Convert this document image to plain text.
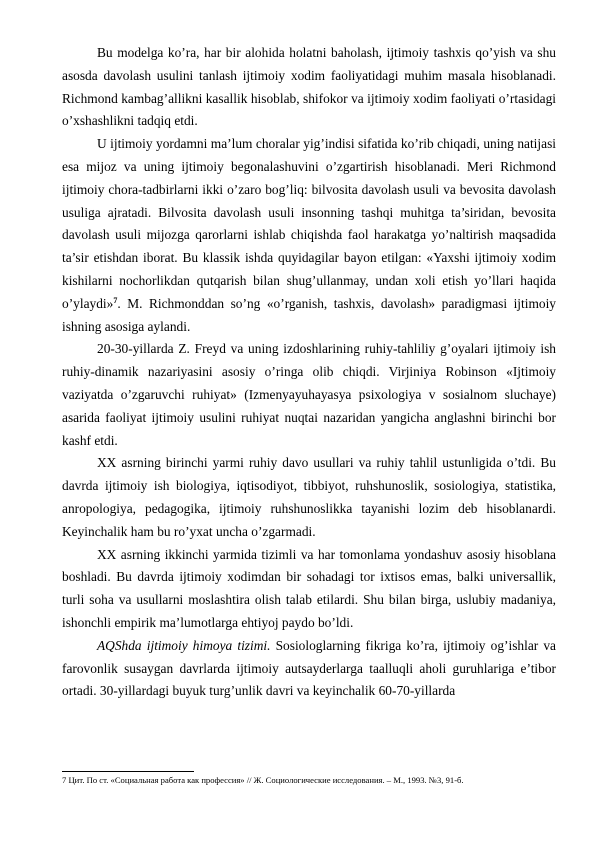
Bu modelga ko’ra, har bir alohida holatni baholash, ijtimoiy tashxis qo’yish va shu asosda davolash usulini tanlash ijtimoiy xodim faoliyatidagi muhim masala hisoblanadi. Richmond kambag’allikni kasallik hisoblab, shifokor va ijtimoiy xodim faoliyati o’rtasidagi o’xshashlikni tadqiq etdi.

U ijtimoiy yordamni ma’lum choralar yig’indisi sifatida ko’rib chiqadi, uning natijasi esa mijoz va uning ijtimoiy begonalashuvini o’zgartirish hisoblanadi. Meri Richmond ijtimoiy chora-tadbirlarni ikki o’zaro bog’liq: bilvosita davolash usuli va bevosita davolash usuliga ajratadi. Bilvosita davolash usuli insonning tashqi muhitga ta’siridan, bevosita davolash usuli mijozga qarorlarni ishlab chiqishda faol harakatga yo’naltirish maqsadida ta’sir etishdan iborat. Bu klassik ishda quyidagilar bayon etilgan: «Yaxshi ijtimoiy xodim kishilarni nochorlikdan qutqarish bilan shug’ullanmay, undan xoli etish yo’llari haqida o’ylaydi»$^7$. M. Richmonddan so’ng «o’rganish, tashxis, davolash» paradigmasi ijtimoiy ishning asosiga aylandi.

20-30-yillarda Z. Freyd va uning izdoshlarining ruhiy-tahliliy g’oyalari ijtimoiy ish ruhiy-dinamik nazariyasini asosiy o’ringa olib chiqdi. Virjiniya Robinson «Ijtimoiy vaziyatda o’zgaruvchi ruhiyat» (Izmenyayuhayasya psixologiya v sosialnom sluchaye) asarida faoliyat ijtimoiy usulini ruhiyat nuqtai nazaridan yangicha anglashni birinchi bor kashf etdi.

XX asrning birinchi yarmi ruhiy davo usullari va ruhiy tahlil ustunligida o’tdi. Bu davrda ijtimoiy ish biologiya, iqtisodiyot, tibbiyot, ruhshunoslik, sosiologiya, statistika, anropologiya, pedagogika, ijtimoiy ruhshunoslikka tayanishi lozim deb hisoblanardi. Keyinchalik ham bu ro’yxat uncha o’zgarmadi.

XX asrning ikkinchi yarmida tizimli va har tomonlama yondashuv asosiy hisoblana boshladi. Bu davrda ijtimoiy xodimdan bir sohadagi tor ixtisos emas, balki universallik, turli soha va usullarni moslashtira olish talab etilardi. Shu bilan birga, uslubiy madaniya, ishonchli empirik ma’lumotlarga ehtiyoj paydo bo’ldi.

AQShda ijtimoiy himoya tizimi. Sosiologlarning fikriga ko’ra, ijtimoiy og’ishlar va farovonlik susaygan davrlarda ijtimoiy autsayderlarga taalluqli aholi guruhlariga e’tibor ortadi. 30-yillardagi buyuk turg’unlik davri va keyinchalik 60-70-yillarda

7 Цит. По ст. «Социальная работа как профессия» // Ж. Социологические исследования. – М., 1993. №3, 91-б.
